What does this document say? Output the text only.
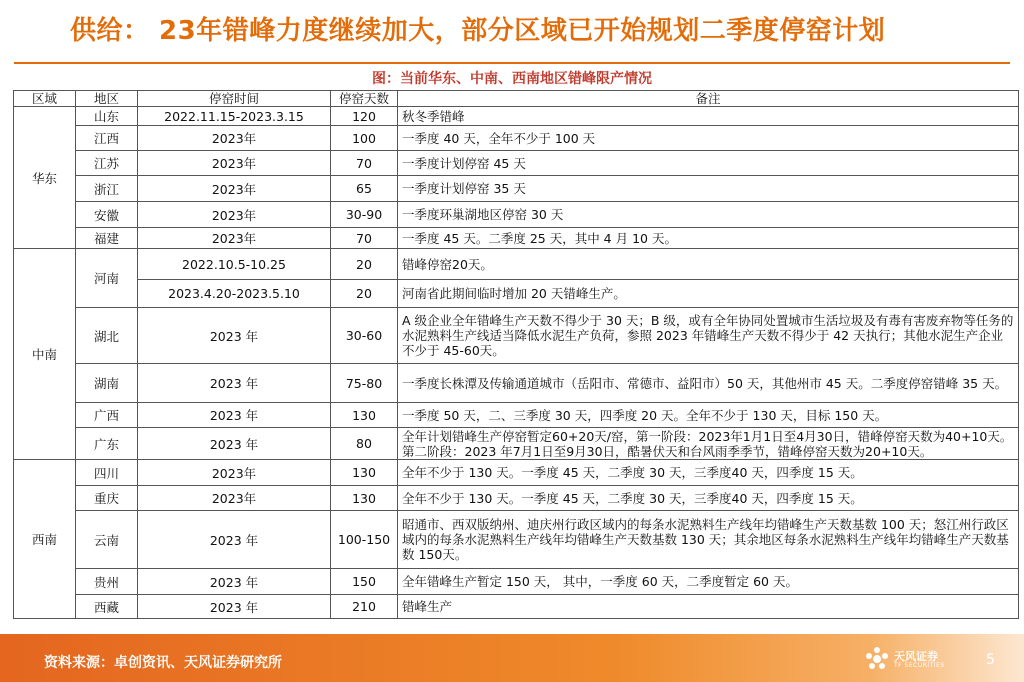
供给： 23年错峰力度继续加大，部分区域已开始规划二季度停窑计划
图：当前华东、中南、西南地区错峰限产情况
区域	地区	停窑时间	停窑天数	备注
华东	山东	2022.11.15-2023.3.15	120	秋冬季错峰
	江西	2023年	100	一季度 40 天，全年不少于 100 天
	江苏	2023年	70	一季度计划停窑 45 天
	浙江	2023年	65	一季度计划停窑 35 天
	安徽	2023年	30-90	一季度环巢湖地区停窑 30 天
	福建	2023年	70	一季度 45 天。二季度 25 天，其中 4 月 10 天。
中南	河南	2022.10.5-10.25	20	错峰停窑20天。
		2023.4.20-2023.5.10	20	河南省此期间临时增加 20 天错峰生产。
	湖北	2023 年	30-60	A 级企业全年错峰生产天数不得少于 30 天；B 级，或有全年协同处置城市生活垃圾及有毒有害废弃物等任务的水泥熟料生产线适当降低水泥生产负荷，参照 2023 年错峰生产天数不得少于 42 天执行；其他水泥生产企业不少于 45-60天。
	湖南	2023 年	75-80	一季度长株潭及传输通道城市（岳阳市、常德市、益阳市）50 天，其他州市 45 天。二季度停窑错峰 35 天。
	广西	2023 年	130	一季度 50 天，二、三季度 30 天，四季度 20 天。全年不少于 130 天，目标 150 天。
	广东	2023 年	80	全年计划错峰生产停窑暂定60+20天/窑，第一阶段：2023年1月1日至4月30日，错峰停窑天数为40+10天。第二阶段：2023 年7月1日至9月30日，酷暑伏天和台风雨季季节，错峰停窑天数为20+10天。
西南	四川	2023年	130	全年不少于 130 天。一季度 45 天，二季度 30 天，三季度40 天，四季度 15 天。
	重庆	2023年	130	全年不少于 130 天。一季度 45 天，二季度 30 天，三季度40 天，四季度 15 天。
	云南	2023 年	100-150	昭通市、西双版纳州、迪庆州行政区域内的每条水泥熟料生产线年均错峰生产天数基数 100 天；怒江州行政区域内的每条水泥熟料生产线年均错峰生产天数基数 130 天；其余地区每条水泥熟料生产线年均错峰生产天数基数 150天。
	贵州	2023 年	150	全年错峰生产暂定 150 天， 其中，一季度 60 天，二季度暂定 60 天。
	西藏	2023 年	210	错峰生产
资料来源：卓创资讯、天风证券研究所	天风证券
TF SECURITIES	5
